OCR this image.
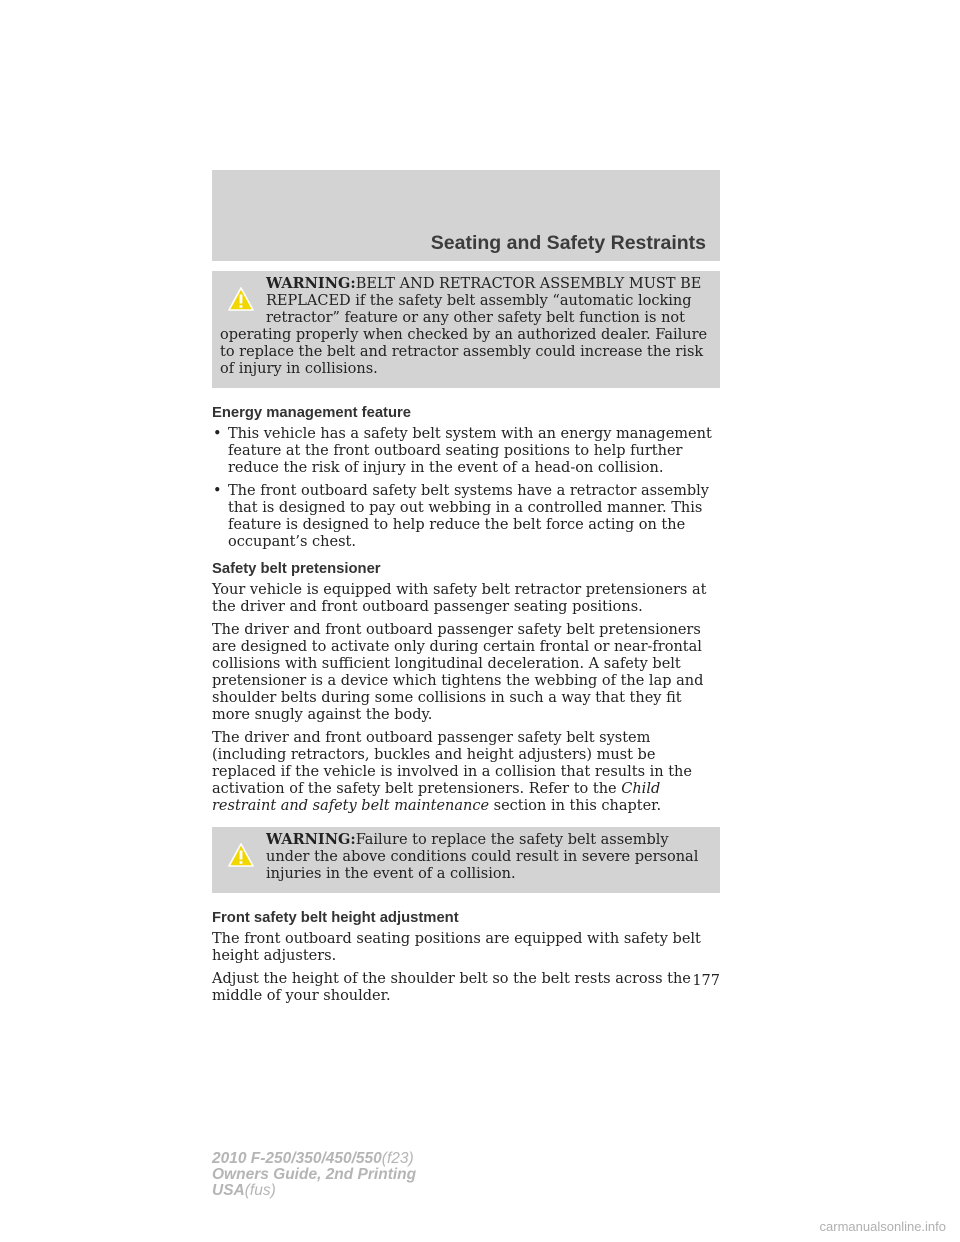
Seating and Safety Restraints

WARNING:BELT AND RETRACTOR ASSEMBLY MUST BE REPLACED if the safety belt assembly “automatic locking retractor” feature or any other safety belt function is not operating properly when checked by an authorized dealer. Failure to replace the belt and retractor assembly could increase the risk of injury in collisions.

Energy management feature
• This vehicle has a safety belt system with an energy management feature at the front outboard seating positions to help further reduce the risk of injury in the event of a head-on collision.
• The front outboard safety belt systems have a retractor assembly that is designed to pay out webbing in a controlled manner. This feature is designed to help reduce the belt force acting on the occupant’s chest.
Safety belt pretensioner

Your vehicle is equipped with safety belt retractor pretensioners at the driver and front outboard passenger seating positions.

The driver and front outboard passenger safety belt pretensioners are designed to activate only during certain frontal or near-frontal collisions with sufficient longitudinal deceleration. A safety belt pretensioner is a device which tightens the webbing of the lap and shoulder belts during some collisions in such a way that they fit more snugly against the body.

The driver and front outboard passenger safety belt system (including retractors, buckles and height adjusters) must be replaced if the vehicle is involved in a collision that results in the activation of the safety belt pretensioners. Refer to the Child restraint and safety belt maintenance section in this chapter.

WARNING:Failure to replace the safety belt assembly under the above conditions could result in severe personal injuries in the event of a collision.

Front safety belt height adjustment

The front outboard seating positions are equipped with safety belt height adjusters.

Adjust the height of the shoulder belt so the belt rests across the middle of your shoulder.

177
2010 F-250/350/450/550(f23)
Owners Guide, 2nd Printing
USA(fus)
carmanualsonline.info
